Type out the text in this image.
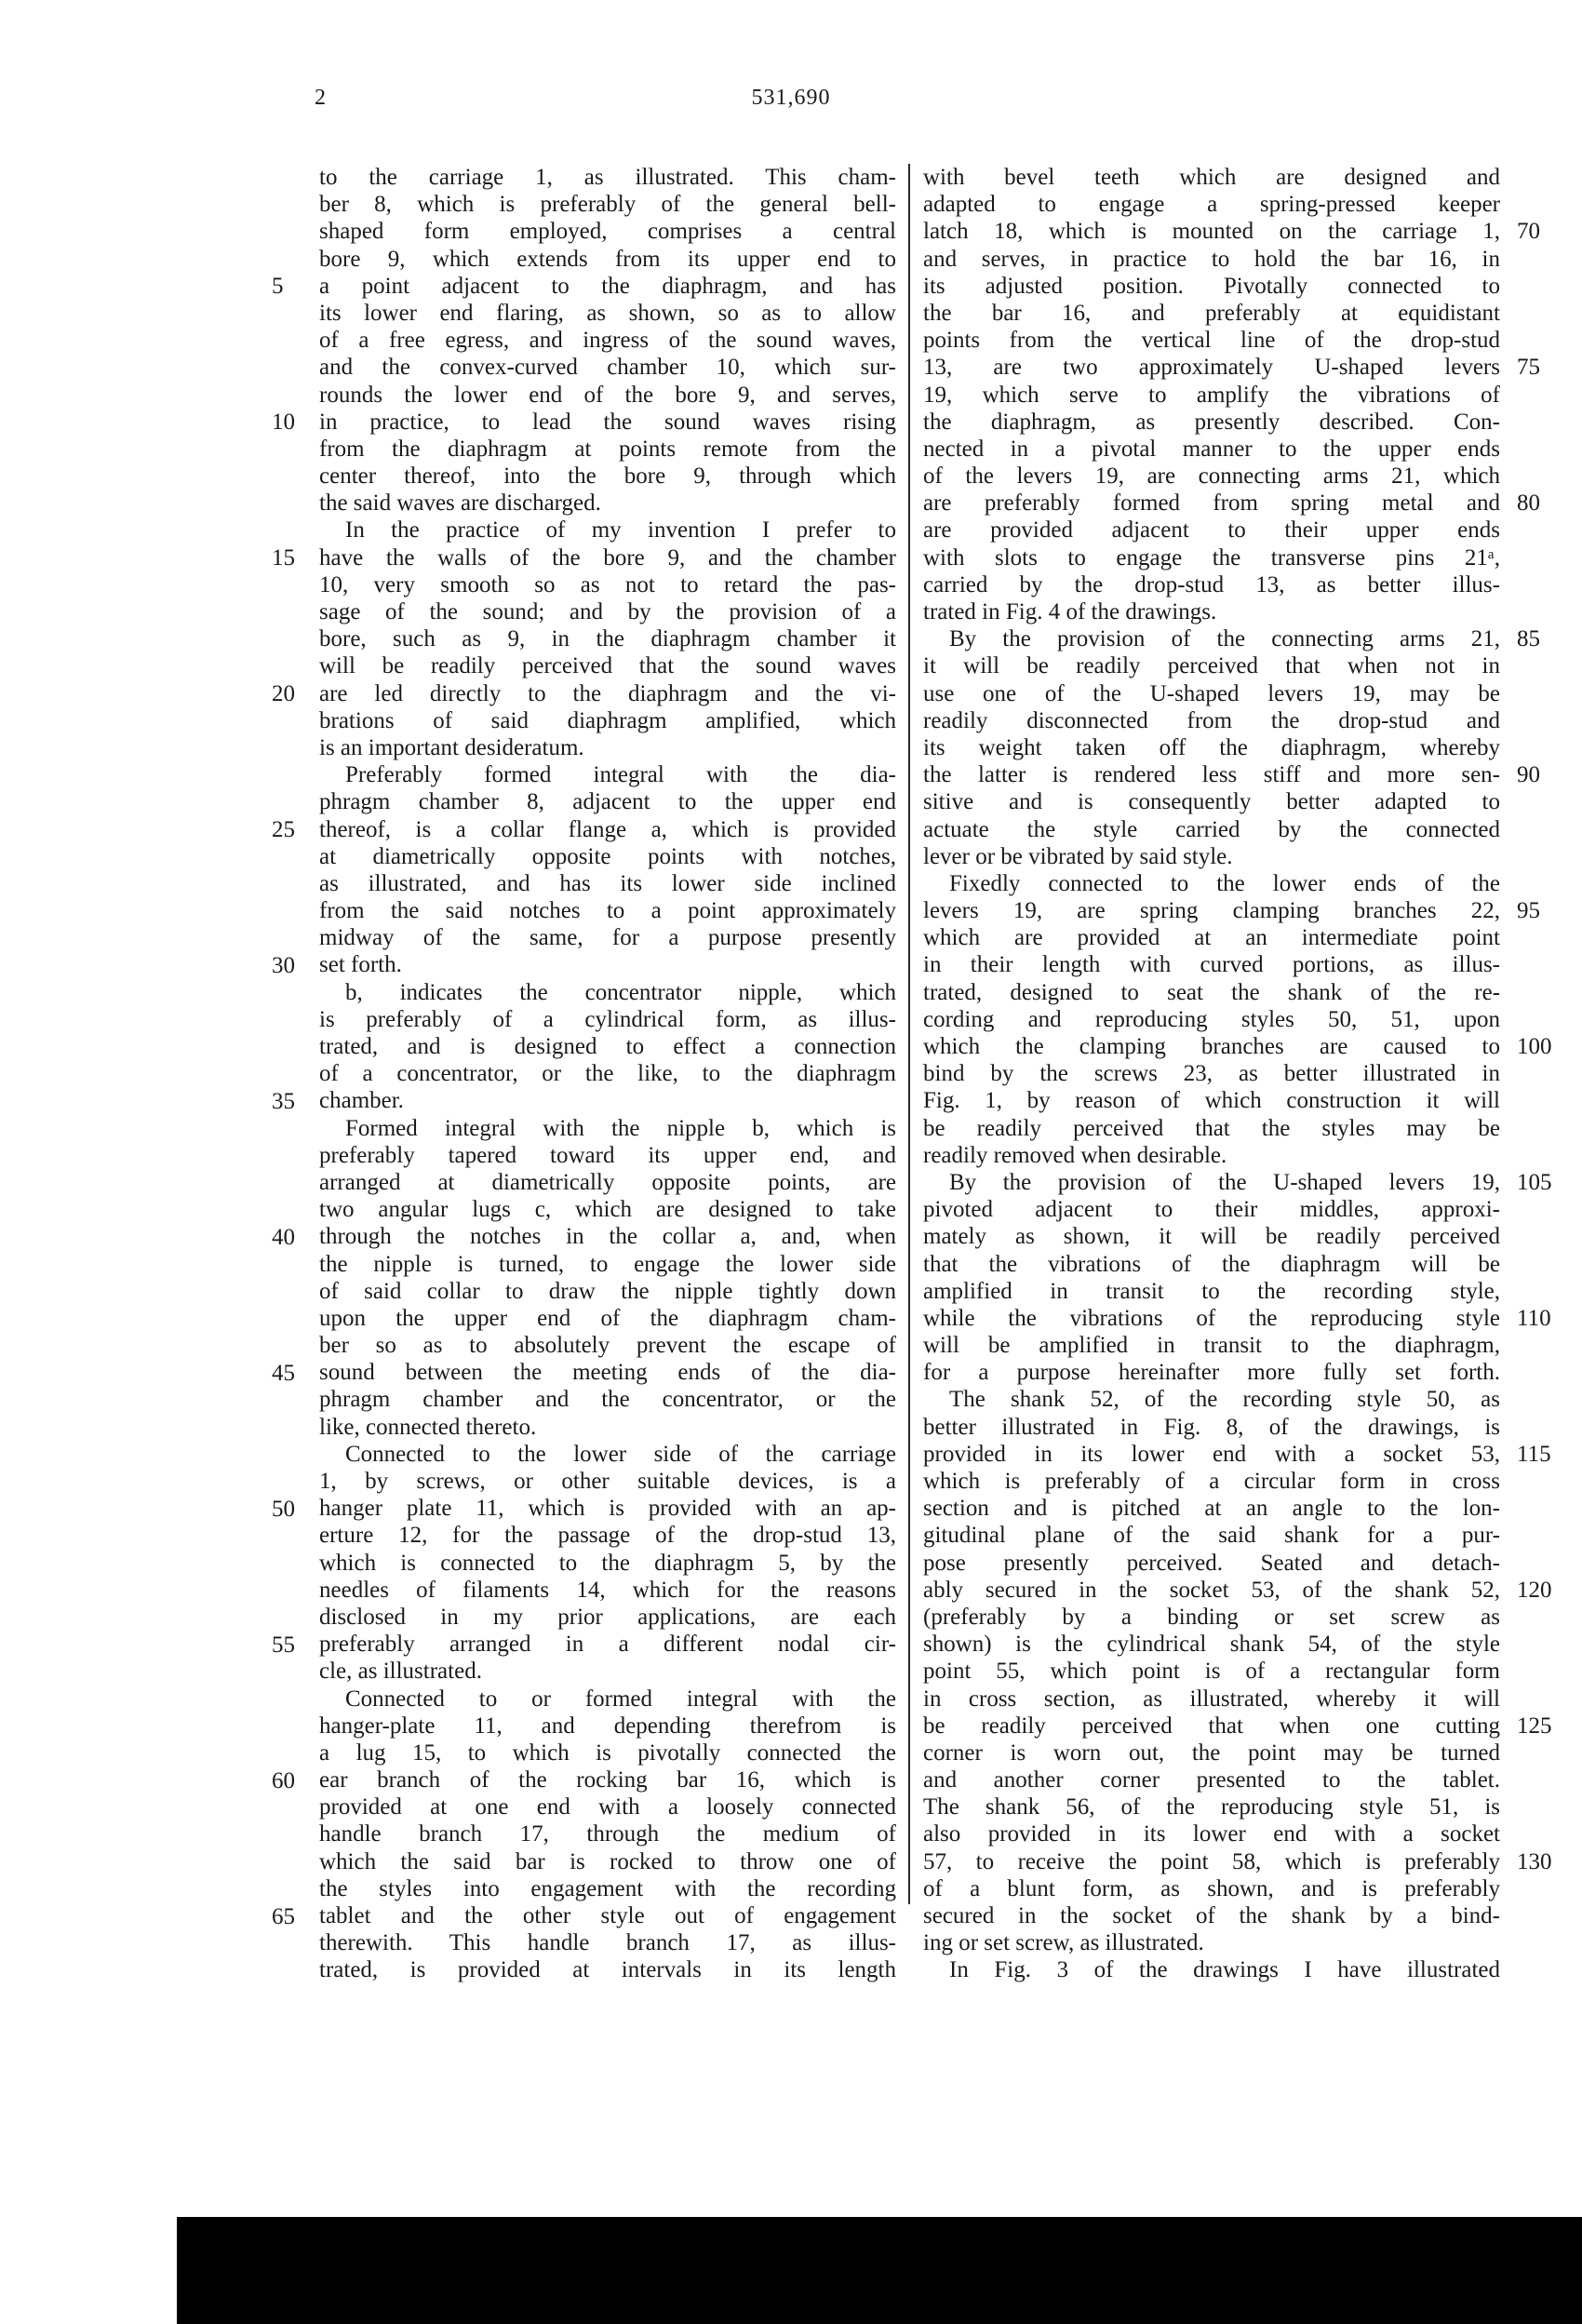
2	531,690
to the carriage 1, as illustrated. This cham-
ber 8, which is preferably of the general bell-
shaped form employed, comprises a central
bore 9, which extends from its upper end to
a point adjacent to the diaphragm, and has
its lower end flaring, as shown, so as to allow
of a free egress, and ingress of the sound waves,
and the convex-curved chamber 10, which sur-
rounds the lower end of the bore 9, and serves,
in practice, to lead the sound waves rising
from the diaphragm at points remote from the
center thereof, into the bore 9, through which
the said waves are discharged.
In the practice of my invention I prefer to
have the walls of the bore 9, and the chamber
10, very smooth so as not to retard the pas-
sage of the sound; and by the provision of a
bore, such as 9, in the diaphragm chamber it
will be readily perceived that the sound waves
are led directly to the diaphragm and the vi-
brations of said diaphragm amplified, which
is an important desideratum.
Preferably formed integral with the dia-
phragm chamber 8, adjacent to the upper end
thereof, is a collar flange a, which is provided
at diametrically opposite points with notches,
as illustrated, and has its lower side inclined
from the said notches to a point approximately
midway of the same, for a purpose presently
set forth.
b, indicates the concentrator nipple, which
is preferably of a cylindrical form, as illus-
trated, and is designed to effect a connection
of a concentrator, or the like, to the diaphragm
chamber.
Formed integral with the nipple b, which is
preferably tapered toward its upper end, and
arranged at diametrically opposite points, are
two angular lugs c, which are designed to take
through the notches in the collar a, and, when
the nipple is turned, to engage the lower side
of said collar to draw the nipple tightly down
upon the upper end of the diaphragm cham-
ber so as to absolutely prevent the escape of
sound between the meeting ends of the dia-
phragm chamber and the concentrator, or the
like, connected thereto.
Connected to the lower side of the carriage
1, by screws, or other suitable devices, is a
hanger plate 11, which is provided with an ap-
erture 12, for the passage of the drop-stud 13,
which is connected to the diaphragm 5, by the
needles of filaments 14, which for the reasons
disclosed in my prior applications, are each
preferably arranged in a different nodal cir-
cle, as illustrated.
Connected to or formed integral with the
hanger-plate 11, and depending therefrom is
a lug 15, to which is pivotally connected the
ear branch of the rocking bar 16, which is
provided at one end with a loosely connected
handle branch 17, through the medium of
which the said bar is rocked to throw one of
the styles into engagement with the recording
tablet and the other style out of engagement
therewith. This handle branch 17, as illus-
trated, is provided at intervals in its length
with bevel teeth which are designed and
adapted to engage a spring-pressed keeper
latch 18, which is mounted on the carriage 1,
and serves, in practice to hold the bar 16, in
its adjusted position. Pivotally connected to
the bar 16, and preferably at equidistant
points from the vertical line of the drop-stud
13, are two approximately U-shaped levers
19, which serve to amplify the vibrations of
the diaphragm, as presently described. Con-
nected in a pivotal manner to the upper ends
of the levers 19, are connecting arms 21, which
are preferably formed from spring metal and
are provided adjacent to their upper ends
with slots to engage the transverse pins 21ᵃ,
carried by the drop-stud 13, as better illus-
trated in Fig. 4 of the drawings.
By the provision of the connecting arms 21,
it will be readily perceived that when not in
use one of the U-shaped levers 19, may be
readily disconnected from the drop-stud and
its weight taken off the diaphragm, whereby
the latter is rendered less stiff and more sen-
sitive and is consequently better adapted to
actuate the style carried by the connected
lever or be vibrated by said style.
Fixedly connected to the lower ends of the
levers 19, are spring clamping branches 22,
which are provided at an intermediate point
in their length with curved portions, as illus-
trated, designed to seat the shank of the re-
cording and reproducing styles 50, 51, upon
which the clamping branches are caused to
bind by the screws 23, as better illustrated in
Fig. 1, by reason of which construction it will
be readily perceived that the styles may be
readily removed when desirable.
By the provision of the U-shaped levers 19,
pivoted adjacent to their middles, approxi-
mately as shown, it will be readily perceived
that the vibrations of the diaphragm will be
amplified in transit to the recording style,
while the vibrations of the reproducing style
will be amplified in transit to the diaphragm,
for a purpose hereinafter more fully set forth.
The shank 52, of the recording style 50, as
better illustrated in Fig. 8, of the drawings, is
provided in its lower end with a socket 53,
which is preferably of a circular form in cross
section and is pitched at an angle to the lon-
gitudinal plane of the said shank for a pur-
pose presently perceived. Seated and detach-
ably secured in the socket 53, of the shank 52,
(preferably by a binding or set screw as
shown) is the cylindrical shank 54, of the style
point 55, which point is of a rectangular form
in cross section, as illustrated, whereby it will
be readily perceived that when one cutting
corner is worn out, the point may be turned
and another corner presented to the tablet.
The shank 56, of the reproducing style 51, is
also provided in its lower end with a socket
57, to receive the point 58, which is preferably
of a blunt form, as shown, and is preferably
secured in the socket of the shank by a bind-
ing or set screw, as illustrated.
In Fig. 3 of the drawings I have illustrated
5
10
15
20
25
30
35
40
45
50
55
60
65
70
75
80
85
90
95
100
105
110
115
120
125
130
